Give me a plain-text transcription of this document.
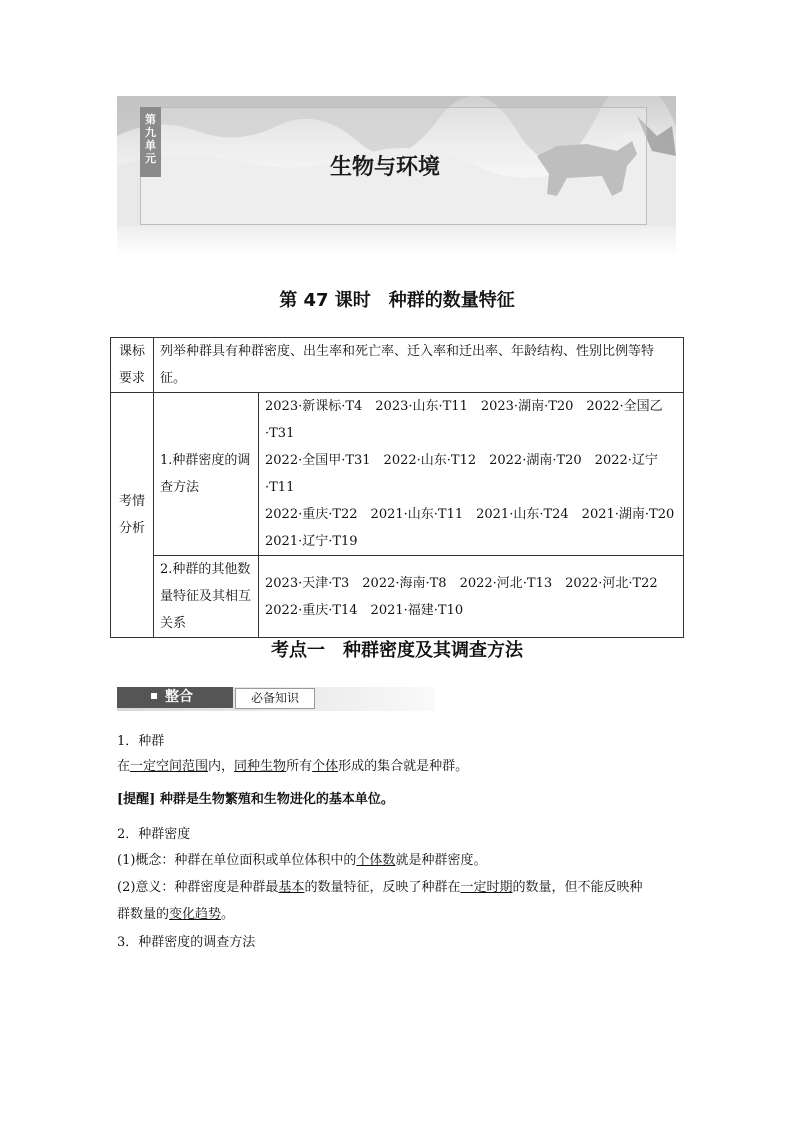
第九单元	生物与环境
第 47 课时　种群的数量特征
课标要求	列举种群具有种群密度、出生率和死亡率、迁入率和迁出率、年龄结构、性别比例等特征。	
考情分析	1.种群密度的调查方法	2023·新课标·T4　2023·山东·T11　2023·湖南·T20　2022·全国乙·T31
2022·全国甲·T31　2022·山东·T12　2022·湖南·T20　2022·辽宁·T11
2022·重庆·T22　2021·山东·T11　2021·山东·T24　2021·湖南·T20
2021·辽宁·T19

	2.种群的其他数量特征及其相互关系	2023·天津·T3　2022·海南·T8　2022·河北·T13　2022·河北·T22
2022·重庆·T14　2021·福建·T10
考点一　种群密度及其调查方法
整合	必备知识
1．种群
在一定空间范围内，同种生物所有个体形成的集合就是种群。
[提醒] 种群是生物繁殖和生物进化的基本单位。
2．种群密度
(1)概念：种群在单位面积或单位体积中的个体数就是种群密度。
(2)意义：种群密度是种群最基本的数量特征，反映了种群在一定时期的数量，但不能反映种
群数量的变化趋势。
3．种群密度的调查方法
